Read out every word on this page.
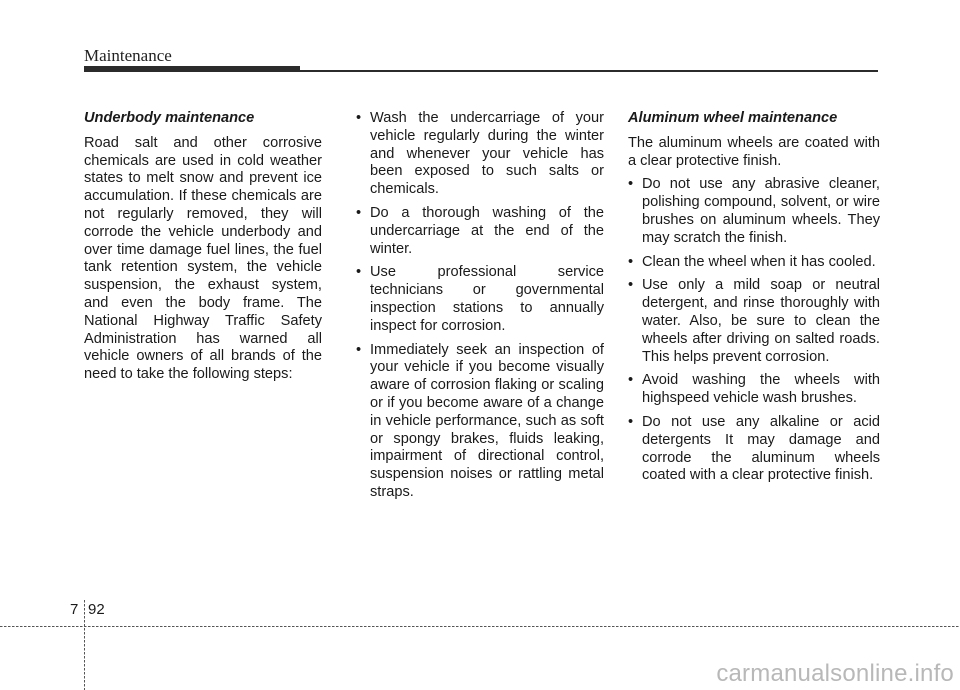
Maintenance

Underbody maintenance

Road salt and other corrosive chemicals are used in cold weather states to melt snow and prevent ice accumulation. If these chemicals are not regularly removed, they will corrode the vehicle underbody and over time damage fuel lines, the fuel tank retention system, the vehicle suspension, the exhaust system, and even the body frame. The National Highway Traffic Safety Administration has warned all vehicle owners of all brands of the need to take the following steps:

• Wash the undercarriage of your vehicle regularly during the winter and whenever your vehicle has been exposed to such salts or chemicals.
• Do a thorough washing of the undercarriage at the end of the winter.
• Use professional service technicians or governmental inspection stations to annually inspect for corrosion.
• Immediately seek an inspection of your vehicle if you become visually aware of corrosion flaking or scaling or if you become aware of a change in vehicle performance, such as soft or spongy brakes, fluids leaking, impairment of directional control, suspension noises or rattling metal straps.

Aluminum wheel maintenance

The aluminum wheels are coated with a clear protective finish.

• Do not use any abrasive cleaner, polishing compound, solvent, or wire brushes on aluminum wheels. They may scratch the finish.
• Clean the wheel when it has cooled.
• Use only a mild soap or neutral detergent, and rinse thoroughly with water. Also, be sure to clean the wheels after driving on salted roads. This helps prevent corrosion.
• Avoid washing the wheels with highspeed vehicle wash brushes.
• Do not use any alkaline or acid detergents It may damage and corrode the aluminum wheels coated with a clear protective finish.
7 92
carmanualsonline.info
